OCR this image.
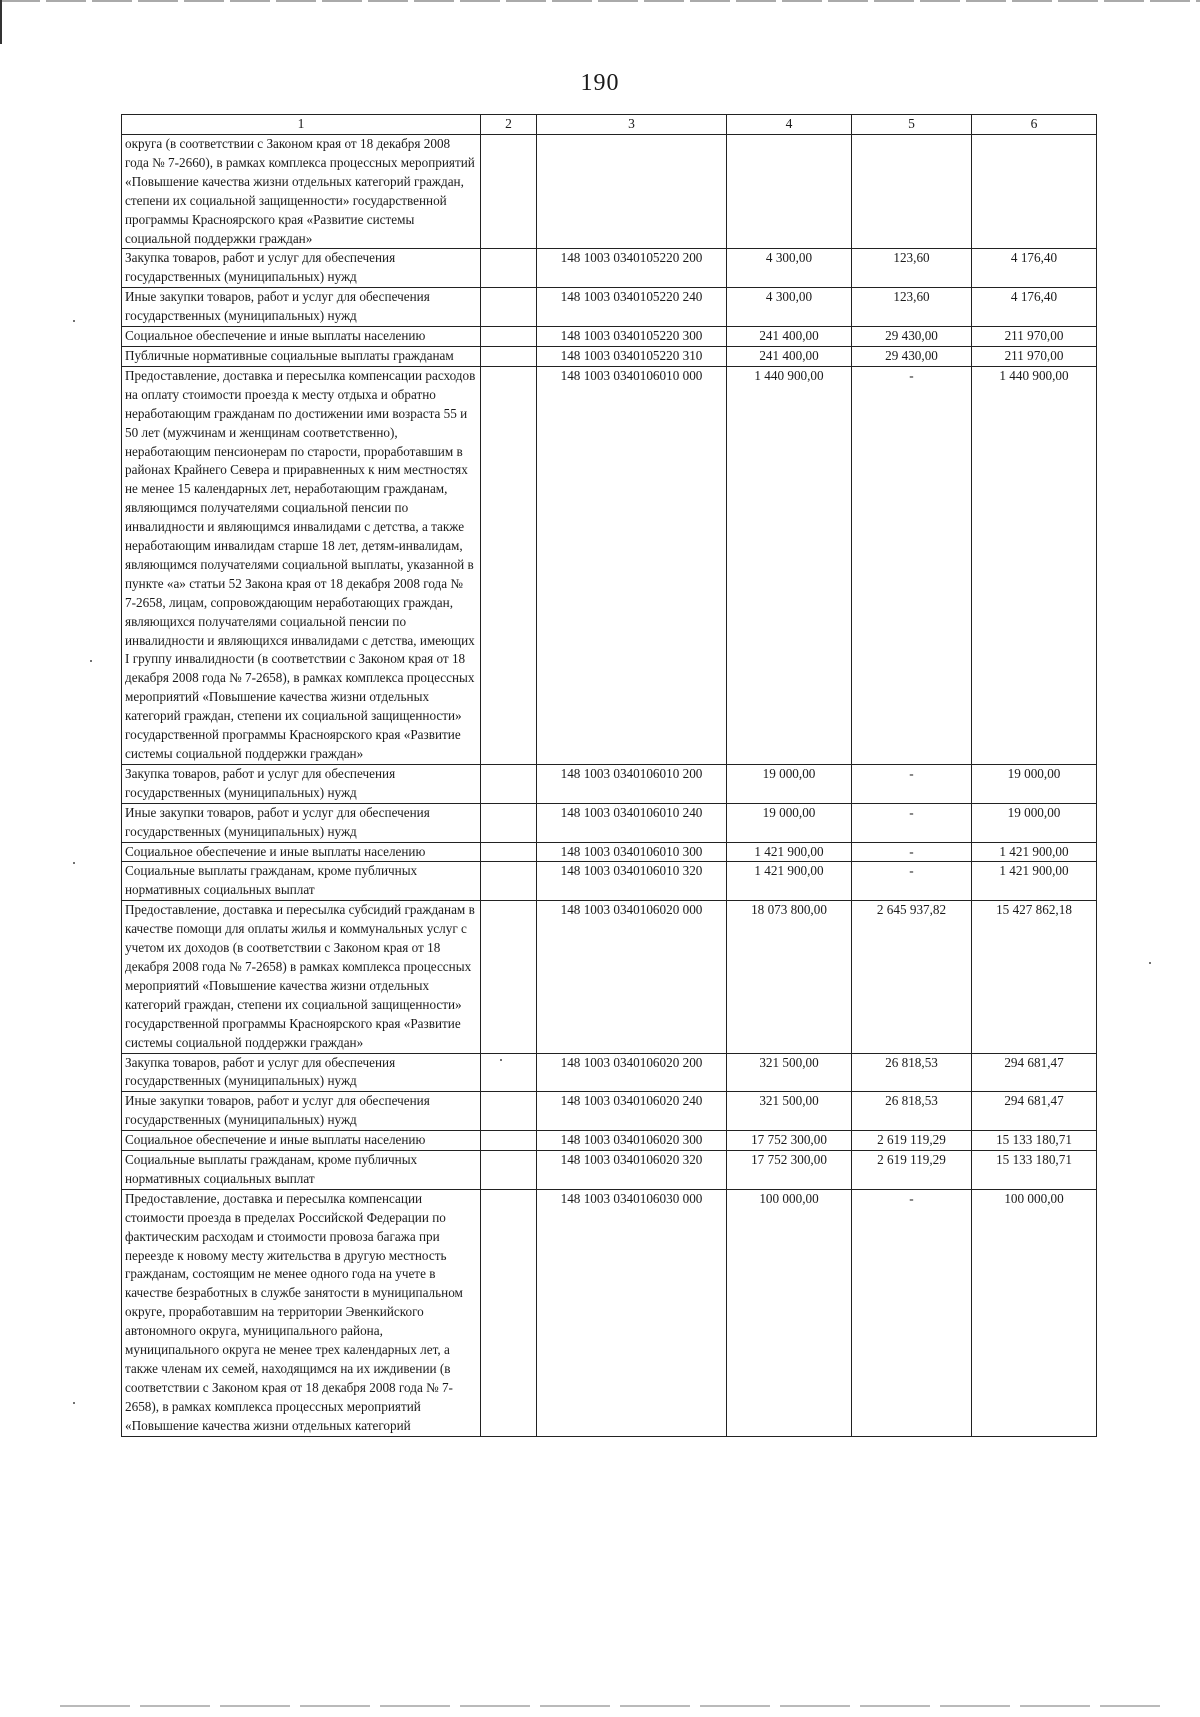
190
1	2	3	4	5	6
округа (в соответствии с Законом края от 18 декабря 2008 года № 7-2660), в рамках комплекса процессных мероприятий «Повышение качества жизни отдельных категорий граждан, степени их социальной защищенности» государственной программы Красноярского края «Развитие системы социальной поддержки граждан»					
Закупка товаров, работ и услуг для обеспечения государственных (муниципальных) нужд		148 1003 0340105220 200	4 300,00	123,60	4 176,40
Иные закупки товаров, работ и услуг для обеспечения государственных (муниципальных) нужд		148 1003 0340105220 240	4 300,00	123,60	4 176,40
Социальное обеспечение и иные выплаты населению		148 1003 0340105220 300	241 400,00	29 430,00	211 970,00
Публичные нормативные социальные выплаты гражданам		148 1003 0340105220 310	241 400,00	29 430,00	211 970,00
Предоставление, доставка и пересылка компенсации расходов на оплату стоимости проезда к месту отдыха и обратно неработающим гражданам по достижении ими возраста 55 и 50 лет (мужчинам и женщинам соответственно), неработающим пенсионерам по старости, проработавшим в районах Крайнего Севера и приравненных к ним местностях не менее 15 календарных лет, неработающим гражданам, являющимся получателями социальной пенсии по инвалидности и являющимся инвалидами с детства, а также неработающим инвалидам старше 18 лет, детям-инвалидам, являющимся получателями социальной выплаты, указанной в пункте «а» статьи 52 Закона края от 18 декабря 2008 года № 7-2658, лицам, сопровождающим неработающих граждан, являющихся получателями социальной пенсии по инвалидности и являющихся инвалидами с детства, имеющих I группу инвалидности (в соответствии с Законом края от 18 декабря 2008 года № 7-2658), в рамках комплекса процессных мероприятий «Повышение качества жизни отдельных категорий граждан, степени их социальной защищенности» государственной программы Красноярского края «Развитие системы социальной поддержки граждан»		148 1003 0340106010 000	1 440 900,00	-	1 440 900,00
Закупка товаров, работ и услуг для обеспечения государственных (муниципальных) нужд		148 1003 0340106010 200	19 000,00	-	19 000,00
Иные закупки товаров, работ и услуг для обеспечения государственных (муниципальных) нужд		148 1003 0340106010 240	19 000,00	-	19 000,00
Социальное обеспечение и иные выплаты населению		148 1003 0340106010 300	1 421 900,00	-	1 421 900,00
Социальные выплаты гражданам, кроме публичных нормативных социальных выплат		148 1003 0340106010 320	1 421 900,00	-	1 421 900,00
Предоставление, доставка и пересылка субсидий гражданам в качестве помощи для оплаты жилья и коммунальных услуг с учетом их доходов (в соответствии с Законом края от 18 декабря 2008 года № 7-2658) в рамках комплекса процессных мероприятий «Повышение качества жизни отдельных категорий граждан, степени их социальной защищенности» государственной программы Красноярского края «Развитие системы социальной поддержки граждан»		148 1003 0340106020 000	18 073 800,00	2 645 937,82	15 427 862,18
Закупка товаров, работ и услуг для обеспечения государственных (муниципальных) нужд		148 1003 0340106020 200	321 500,00	26 818,53	294 681,47
Иные закупки товаров, работ и услуг для обеспечения государственных (муниципальных) нужд		148 1003 0340106020 240	321 500,00	26 818,53	294 681,47
Социальное обеспечение и иные выплаты населению		148 1003 0340106020 300	17 752 300,00	2 619 119,29	15 133 180,71
Социальные выплаты гражданам, кроме публичных нормативных социальных выплат		148 1003 0340106020 320	17 752 300,00	2 619 119,29	15 133 180,71
Предоставление, доставка и пересылка компенсации стоимости проезда в пределах Российской Федерации по фактическим расходам и стоимости провоза багажа при переезде к новому месту жительства в другую местность гражданам, состоящим не менее одного года на учете в качестве безработных в службе занятости в муниципальном округе, проработавшим на территории Эвенкийского автономного округа, муниципального района, муниципального округа не менее трех календарных лет, а также членам их семей, находящимся на их иждивении (в соответствии с Законом края от 18 декабря 2008 года № 7-2658), в рамках комплекса процессных мероприятий «Повышение качества жизни отдельных категорий		148 1003 0340106030 000	100 000,00	-	100 000,00
